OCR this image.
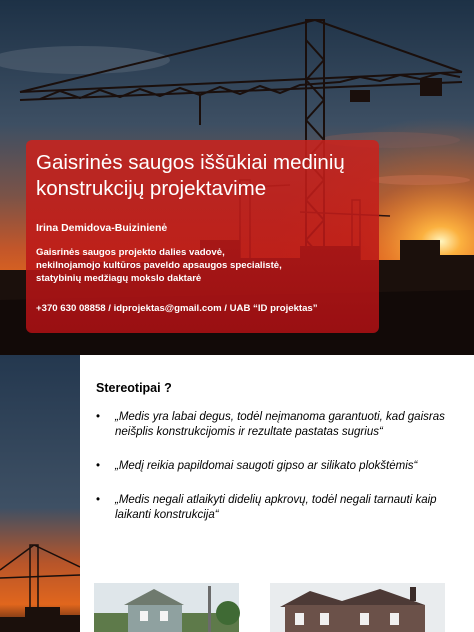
Gaisrinės saugos iššūkiai medinių konstrukcijų projektavime
Irina Demidova-Buizinienė
Gaisrinės saugos projekto dalies vadovė,
nekilnojamojo kultūros paveldo apsaugos specialistė,
statybinių medžiagų mokslo daktarė
+370 630 08858 / idprojektas@gmail.com / UAB “ID projektas”
Stereotipai ?
• „Medis yra labai degus, todėl neįmanoma garantuoti, kad gaisras neišplis konstrukcijomis ir rezultate pastatas sugrius“
• „Medį reikia papildomai saugoti gipso ar silikato plokštėmis“
• „Medis negali atlaikyti didelių apkrovų, todėl negali tarnauti kaip laikanti konstrukcija“
